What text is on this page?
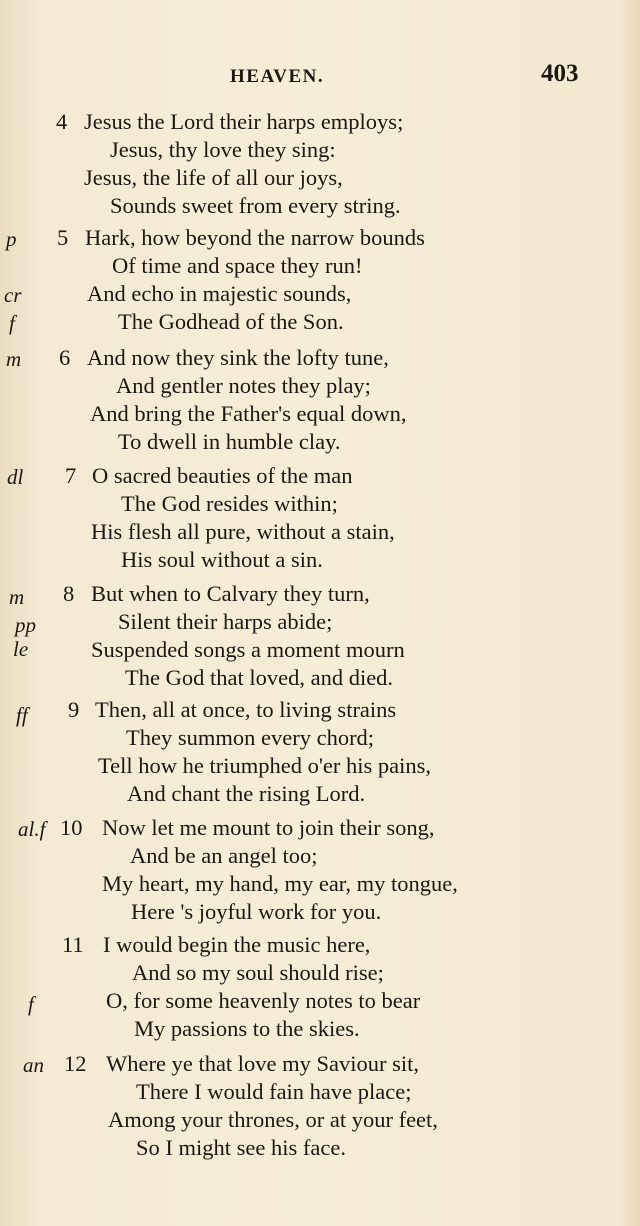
HEAVEN.	403
4 Jesus the Lord their harps employs;
Jesus, thy love they sing:
Jesus, the life of all our joys,
Sounds sweet from every string.
p
cr
f
5 Hark, how beyond the narrow bounds
Of time and space they run!
And echo in majestic sounds,
The Godhead of the Son.
m 6 And now they sink the lofty tune,
And gentler notes they play;
And bring the Father's equal down,
To dwell in humble clay.
dl 7 O sacred beauties of the man
The God resides within;
His flesh all pure, without a stain,
His soul without a sin.
m
pp
le
8 But when to Calvary they turn,
Silent their harps abide;
Suspended songs a moment mourn
The God that loved, and died.
ff 9 Then, all at once, to living strains
They summon every chord;
Tell how he triumphed o'er his pains,
And chant the rising Lord.
al.f 10 Now let me mount to join their song,
And be an angel too;
My heart, my hand, my ear, my tongue,
Here 's joyful work for you.
11
f
I would begin the music here,
And so my soul should rise;
O, for some heavenly notes to bear
My passions to the skies.
an 12 Where ye that love my Saviour sit,
There I would fain have place;
Among your thrones, or at your feet,
So I might see his face.
